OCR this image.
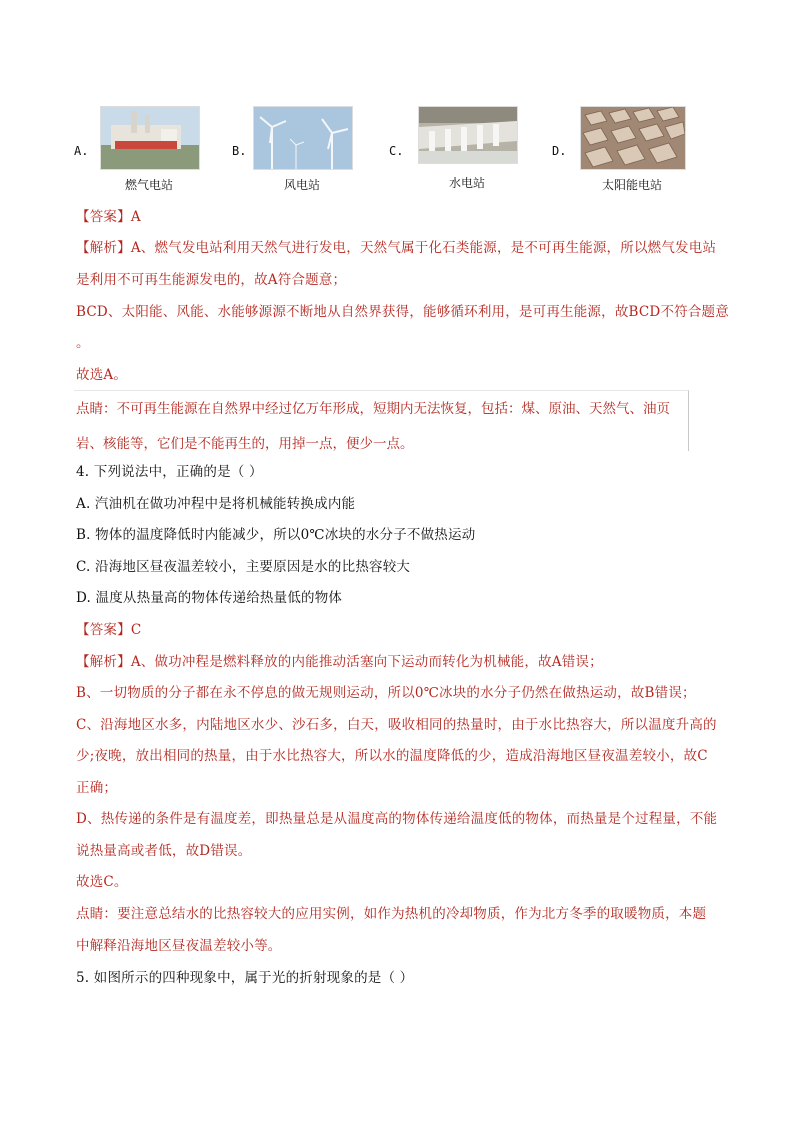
A.
燃气电站
B.
风电站
C.
水电站
D.
太阳能电站
【答案】A
【解析】A、燃气发电站利用天然气进行发电，天然气属于化石类能源，是不可再生能源，所以燃气发电站
是利用不可再生能源发电的，故A符合题意；
BCD、太阳能、风能、水能够源源不断地从自然界获得，能够循环利用，是可再生能源，故BCD不符合题意
。
故选A。
点睛：不可再生能源在自然界中经过亿万年形成，短期内无法恢复，包括：煤、原油、天然气、油页
岩、核能等，它们是不能再生的，用掉一点，便少一点。
4. 下列说法中，正确的是（ ）
A. 汽油机在做功冲程中是将机械能转换成内能
B. 物体的温度降低时内能减少，所以0℃冰块的水分子不做热运动
C. 沿海地区昼夜温差较小，主要原因是水的比热容较大
D. 温度从热量高的物体传递给热量低的物体
【答案】C
【解析】A、做功冲程是燃料释放的内能推动活塞向下运动而转化为机械能，故A错误；
B、一切物质的分子都在永不停息的做无规则运动，所以0℃冰块的水分子仍然在做热运动，故B错误；
C、沿海地区水多，内陆地区水少、沙石多，白天，吸收相同的热量时，由于水比热容大，所以温度升高的
少;夜晚，放出相同的热量，由于水比热容大，所以水的温度降低的少，造成沿海地区昼夜温差较小，故C
正确；
D、热传递的条件是有温度差，即热量总是从温度高的物体传递给温度低的物体，而热量是个过程量，不能
说热量高或者低，故D错误。
故选C。
点睛：要注意总结水的比热容较大的应用实例，如作为热机的冷却物质，作为北方冬季的取暖物质，本题
中解释沿海地区昼夜温差较小等。
5. 如图所示的四种现象中，属于光的折射现象的是（ ）
